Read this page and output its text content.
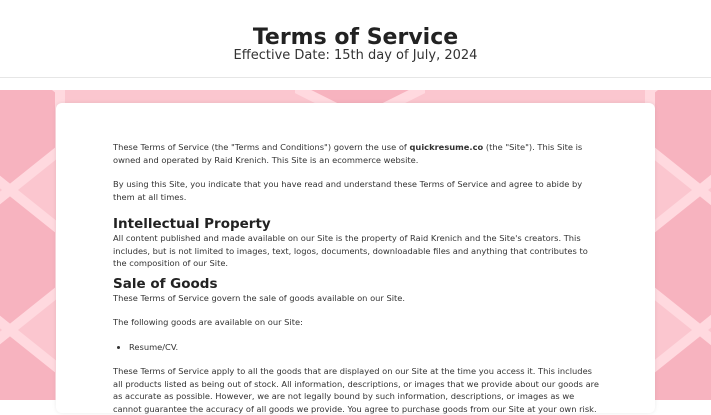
Terms of Service
Effective Date: 15th day of July, 2024

These Terms of Service (the "Terms and Conditions") govern the use of quickresume.co (the "Site"). This Site is owned and operated by Raid Krenich. This Site is an ecommerce website.

By using this Site, you indicate that you have read and understand these Terms of Service and agree to abide by them at all times.

Intellectual Property

All content published and made available on our Site is the property of Raid Krenich and the Site's creators. This includes, but is not limited to images, text, logos, documents, downloadable files and anything that contributes to the composition of our Site.

Sale of Goods

These Terms of Service govern the sale of goods available on our Site.

The following goods are available on our Site:

• Resume/CV.

These Terms of Service apply to all the goods that are displayed on our Site at the time you access it. This includes all products listed as being out of stock. All information, descriptions, or images that we provide about our goods are as accurate as possible. However, we are not legally bound by such information, descriptions, or images as we cannot guarantee the accuracy of all goods we provide. You agree to purchase goods from our Site at your own risk.
